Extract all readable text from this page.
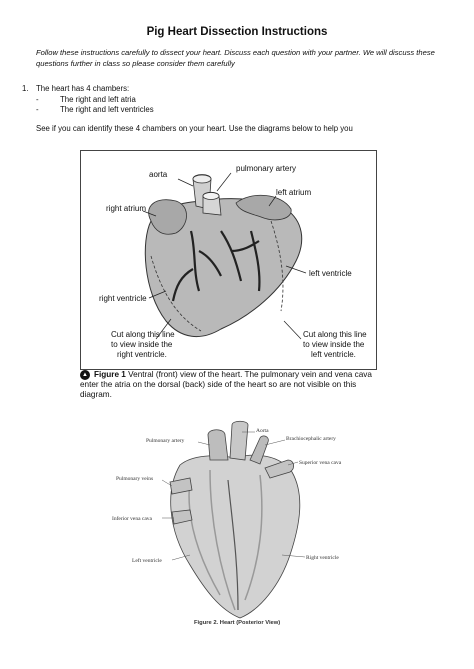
Pig Heart Dissection Instructions
Follow these instructions carefully to dissect your heart. Discuss each question with your partner. We will discuss these questions further in class so please consider them carefully
1. The heart has 4 chambers:
-	The right and left atria
-	The right and left ventricles
See if you can identify these 4 chambers on your heart. Use the diagrams below to help you
pulmonary artery
aorta
left atrium
right atrium
left ventricle
right ventricle
Cut along this line
to view inside the
right ventricle.
Cut along this line
to view inside the
left ventricle.
▲ Figure 1 Ventral (front) view of the heart. The pulmonary vein and vena cava enter the atria on the dorsal (back) side of the heart so are not visible on this diagram.
Aorta
Pulmonary artery	Brachiocephalic artery
Superior vena cava
Pulmonary veins
Inferior vena cava
Left ventricle	Right ventricle
Figure 2. Heart (Posterior View)
